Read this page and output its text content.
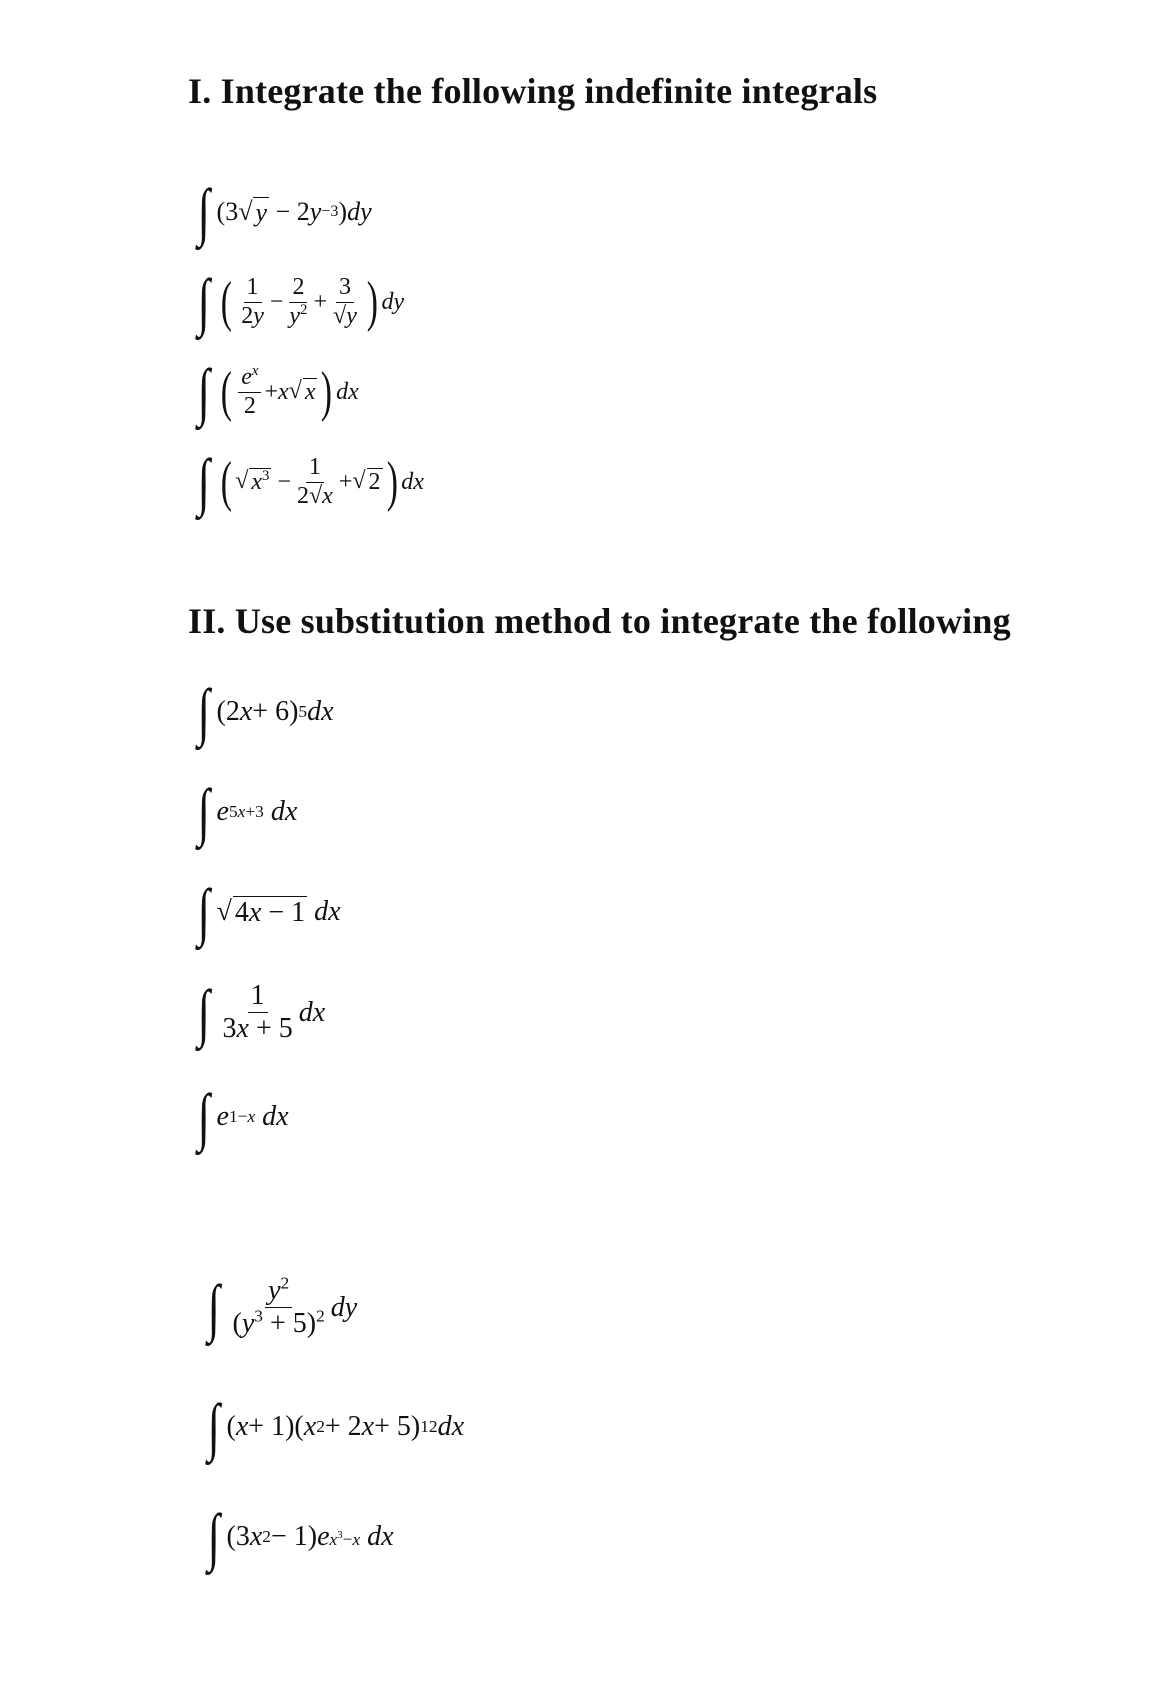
I. Integrate the following indefinite integrals
∫ (3 √ y − 2 y −3 ) dy
∫ ( $\frac{1}{2y} - \frac{2}{y^2} + \frac{3}{√y}$ ) dy
∫ ( $\frac{e^x}{2} + x$ √ x ) dx
∫ ( √ $x^3 - \frac{1}{2√x}$ + √ 2 ) dx
II. Use substitution method to integrate the following
∫ (2 x + 6) 5 dx
∫ e 5x+3
dx
∫ √ 4x − 1
dx
∫ $\frac{1}{3x + 5}$ dx
∫ e 1−x
dx
∫ $\frac{y^2}{(y^3 + 5)^2}$ dy
∫ ( x + 1)( x 2 + 2 x + 5) 12 dx
∫ (3 x 2 − 1) e $x^3-x$
dx
